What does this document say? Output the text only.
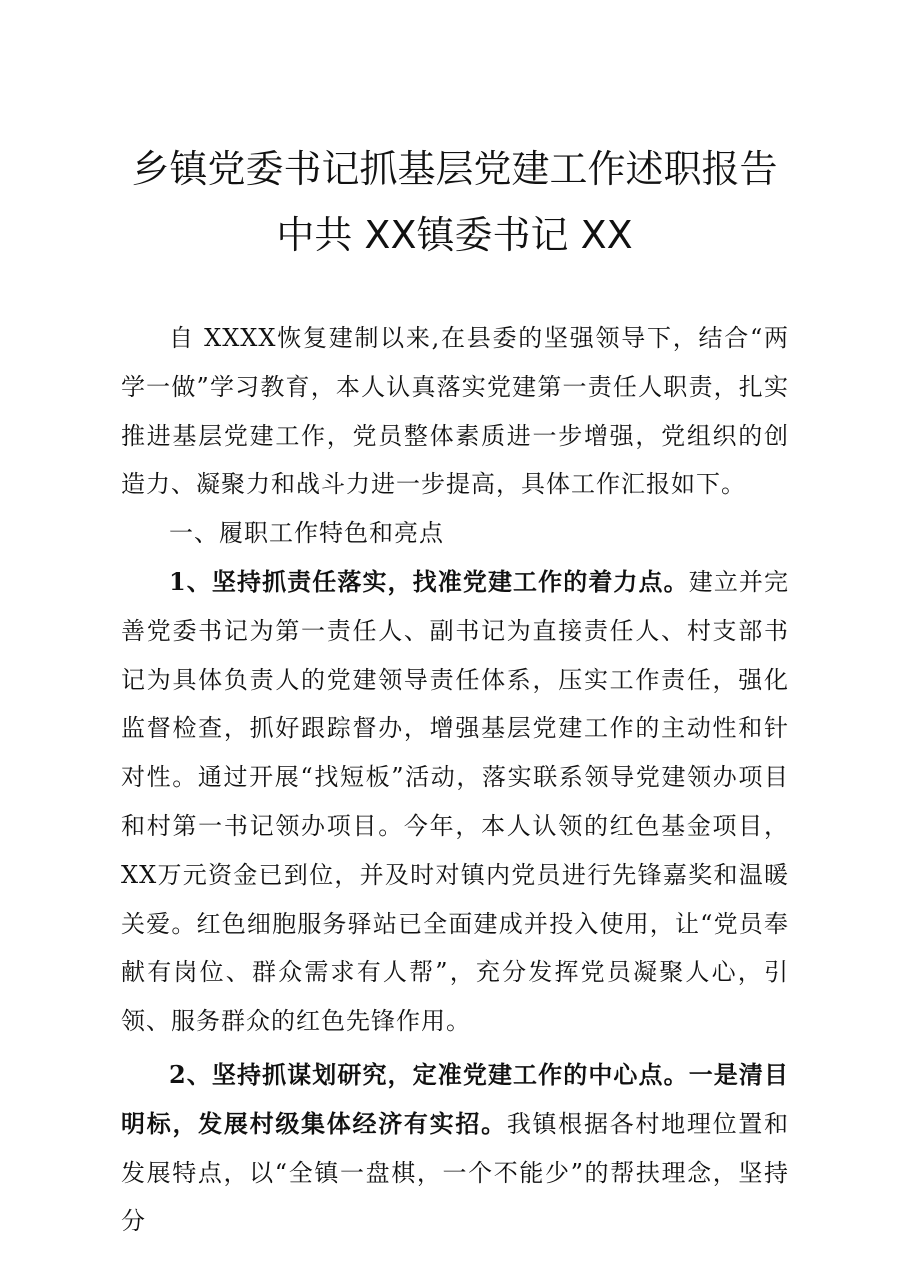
乡镇党委书记抓基层党建工作述职报告
中共 XX镇委书记 XX

自 XXXX恢复建制以来,在县委的坚强领导下，结合“两学一做”学习教育，本人认真落实党建第一责任人职责，扎实推进基层党建工作，党员整体素质进一步增强，党组织的创造力、凝聚力和战斗力进一步提高，具体工作汇报如下。

一、履职工作特色和亮点

1、坚持抓责任落实，找准党建工作的着力点。建立并完善党委书记为第一责任人、副书记为直接责任人、村支部书记为具体负责人的党建领导责任体系，压实工作责任，强化监督检查，抓好跟踪督办，增强基层党建工作的主动性和针对性。通过开展“找短板”活动，落实联系领导党建领办项目和村第一书记领办项目。今年，本人认领的红色基金项目，XX万元资金已到位，并及时对镇内党员进行先锋嘉奖和温暖关爱。红色细胞服务驿站已全面建成并投入使用，让“党员奉献有岗位、群众需求有人帮”，充分发挥党员凝聚人心，引领、服务群众的红色先锋作用。

2、坚持抓谋划研究，定准党建工作的中心点。一是清目明标，发展村级集体经济有实招。我镇根据各村地理位置和发展特点，以“全镇一盘棋，一个不能少”的帮扶理念，坚持分
